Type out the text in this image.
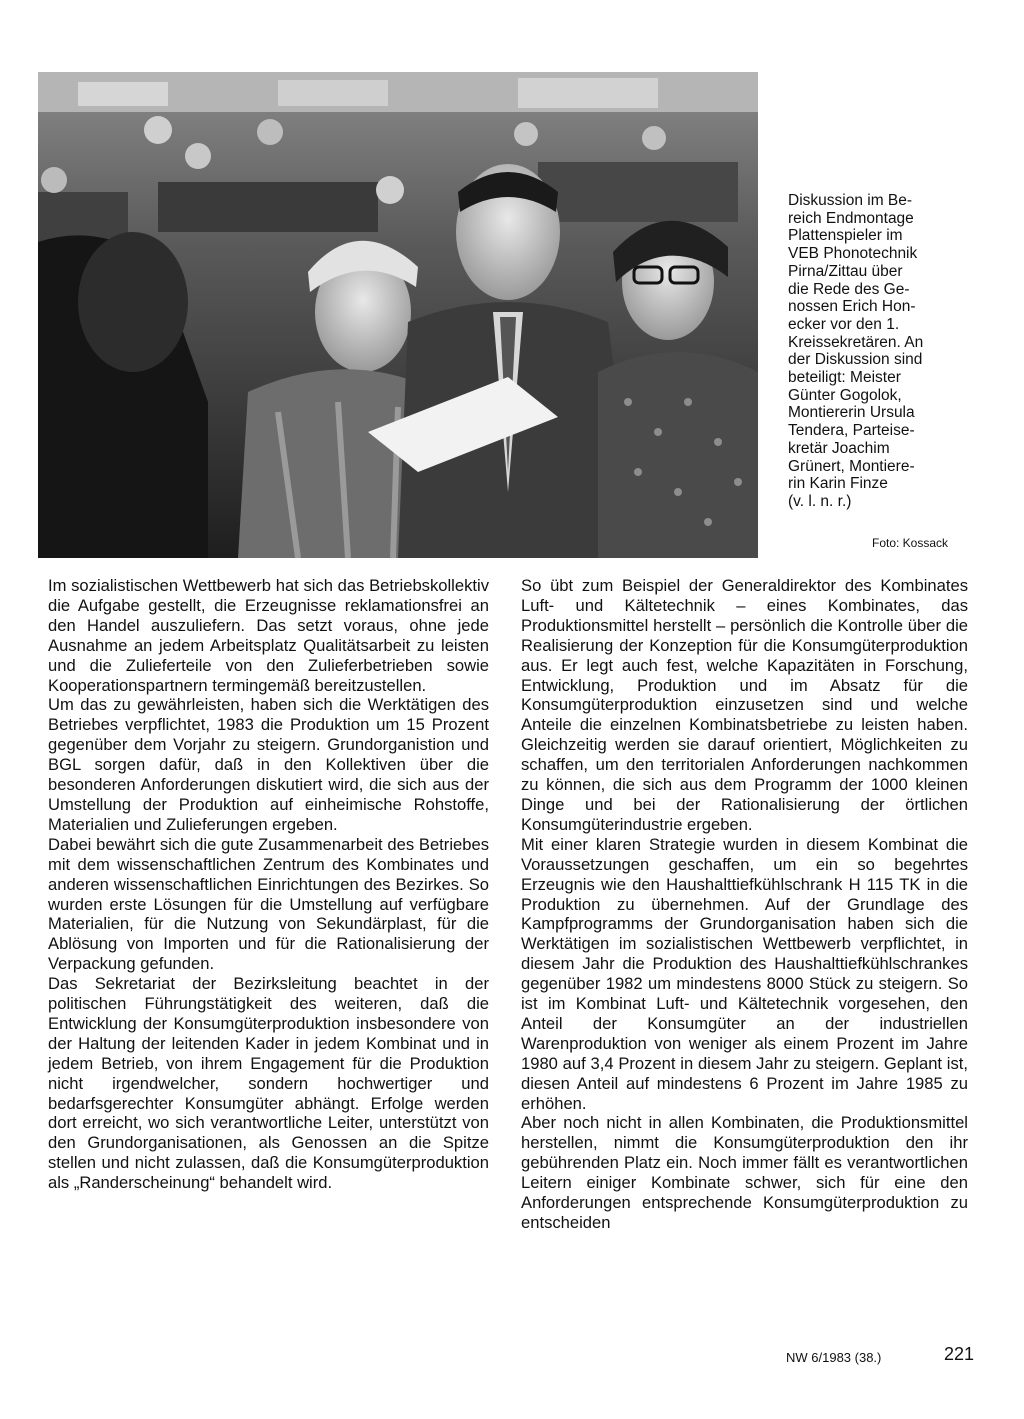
Diskussion im Be-
reich Endmontage
Plattenspieler im
VEB Phonotechnik
Pirna/Zittau über
die Rede des Ge-
nossen Erich Hon-
ecker vor den 1.
Kreissekretären. An
der Diskussion sind
beteiligt: Meister
Günter Gogolok,
Montiererin Ursula
Tendera, Parteise-
kretär Joachim
Grünert, Montiere-
rin Karin Finze
(v. l. n. r.)
Foto: Kossack

Im sozialistischen Wettbewerb hat sich das Betriebskollektiv die Aufgabe gestellt, die Erzeugnisse reklamationsfrei an den Handel auszuliefern. Das setzt voraus, ohne jede Ausnahme an jedem Arbeitsplatz Qualitätsarbeit zu leisten und die Zulieferteile von den Zulieferbetrieben sowie Kooperationspartnern termingemäß bereitzustellen.

Um das zu gewährleisten, haben sich die Werktätigen des Betriebes verpflichtet, 1983 die Produktion um 15 Prozent gegenüber dem Vorjahr zu steigern. Grundorganistion und BGL sorgen dafür, daß in den Kollektiven über die besonderen Anforderungen diskutiert wird, die sich aus der Umstellung der Produktion auf einheimische Rohstoffe, Materialien und Zulieferungen ergeben.

Dabei bewährt sich die gute Zusammenarbeit des Betriebes mit dem wissenschaftlichen Zentrum des Kombinates und anderen wissenschaftlichen Einrichtungen des Bezirkes. So wurden erste Lösungen für die Umstellung auf verfügbare Materialien, für die Nutzung von Sekundärplast, für die Ablösung von Importen und für die Rationalisierung der Verpackung gefunden.

Das Sekretariat der Bezirksleitung beachtet in der politischen Führungstätigkeit des weiteren, daß die Entwicklung der Konsumgüterproduktion insbesondere von der Haltung der leitenden Kader in jedem Kombinat und in jedem Betrieb, von ihrem Engagement für die Produktion nicht irgendwelcher, sondern hochwertiger und bedarfsgerechter Konsumgüter abhängt. Erfolge werden dort erreicht, wo sich verantwortliche Leiter, unterstützt von den Grundorganisationen, als Genossen an die Spitze stellen und nicht zulassen, daß die Konsumgüterproduktion als „Randerscheinung“ behandelt wird.

So übt zum Beispiel der Generaldirektor des Kombinates Luft- und Kältetechnik – eines Kombinates, das Produktionsmittel herstellt – persönlich die Kontrolle über die Realisierung der Konzeption für die Konsumgüterproduktion aus. Er legt auch fest, welche Kapazitäten in Forschung, Entwicklung, Produktion und im Absatz für die Konsumgüterproduktion einzusetzen sind und welche Anteile die einzelnen Kombinatsbetriebe zu leisten haben. Gleichzeitig werden sie darauf orientiert, Möglichkeiten zu schaffen, um den territorialen Anforderungen nachkommen zu können, die sich aus dem Programm der 1000 kleinen Dinge und bei der Rationalisierung der örtlichen Konsumgüterindustrie ergeben.

Mit einer klaren Strategie wurden in diesem Kombinat die Voraussetzungen geschaffen, um ein so begehrtes Erzeugnis wie den Haushalttiefkühlschrank H 115 TK in die Produktion zu übernehmen. Auf der Grundlage des Kampfprogramms der Grundorganisation haben sich die Werktätigen im sozialistischen Wettbewerb verpflichtet, in diesem Jahr die Produktion des Haushalttiefkühlschrankes gegenüber 1982 um mindestens 8000 Stück zu steigern. So ist im Kombinat Luft- und Kältetechnik vorgesehen, den Anteil der Konsumgüter an der industriellen Warenproduktion von weniger als einem Prozent im Jahre 1980 auf 3,4 Prozent in diesem Jahr zu steigern. Geplant ist, diesen Anteil auf mindestens 6 Prozent im Jahre 1985 zu erhöhen.

Aber noch nicht in allen Kombinaten, die Produktionsmittel herstellen, nimmt die Konsumgüterproduktion den ihr gebührenden Platz ein. Noch immer fällt es verantwortlichen Leitern einiger Kombinate schwer, sich für eine den Anforderungen entsprechende Konsumgüterproduktion zu entscheiden

NW 6/1983 (38.)	221
